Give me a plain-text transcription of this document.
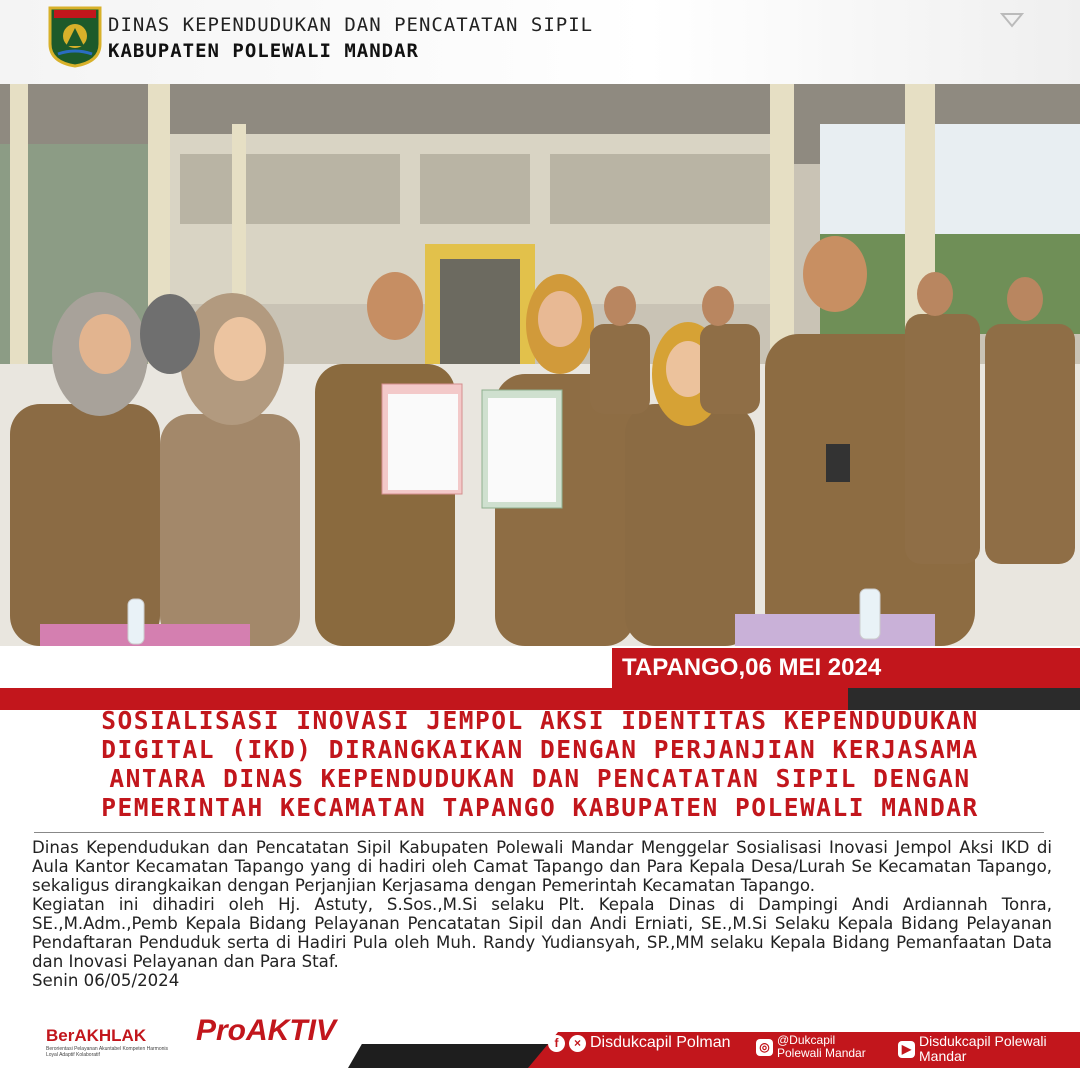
DINAS KEPENDUDUKAN DAN PENCATATAN SIPIL
KABUPATEN POLEWALI MANDAR
TAPANGO,06 MEI 2024
SOSIALISASI INOVASI JEMPOL AKSI IDENTITAS KEPENDUDUKAN
DIGITAL (IKD) DIRANGKAIKAN DENGAN PERJANJIAN KERJASAMA
ANTARA DINAS KEPENDUDUKAN DAN PENCATATAN SIPIL DENGAN
PEMERINTAH KECAMATAN TAPANGO KABUPATEN POLEWALI MANDAR

Dinas Kependudukan dan Pencatatan Sipil Kabupaten Polewali Mandar Menggelar Sosialisasi Inovasi Jempol Aksi IKD di Aula Kantor Kecamatan Tapango yang di hadiri oleh Camat Tapango dan Para Kepala Desa/Lurah Se Kecamatan Tapango, sekaligus dirangkaikan dengan Perjanjian Kerjasama dengan Pemerintah Kecamatan Tapango.

Kegiatan ini dihadiri oleh Hj. Astuty, S.Sos.,M.Si selaku Plt. Kepala Dinas di Dampingi Andi Ardiannah Tonra, SE.,M.Adm.,Pemb Kepala Bidang Pelayanan Pencatatan Sipil dan Andi Erniati, SE.,M.Si Selaku Kepala Bidang Pelayanan Pendaftaran Penduduk serta di Hadiri Pula oleh Muh. Randy Yudiansyah, SP.,MM selaku Kepala Bidang Pemanfaatan Data dan Inovasi Pelayanan dan Para Staf.

Senin 06/05/2024

BerAKHLAK
Berorientasi Pelayanan Akuntabel Kompeten Harmonis Loyal Adaptif Kolaboratif
ProAKTIV	f	× Disdukcapil Polman ◎ @Dukcapil
Polewali Mandar	▶ Disdukcapil Polewali
Mandar
